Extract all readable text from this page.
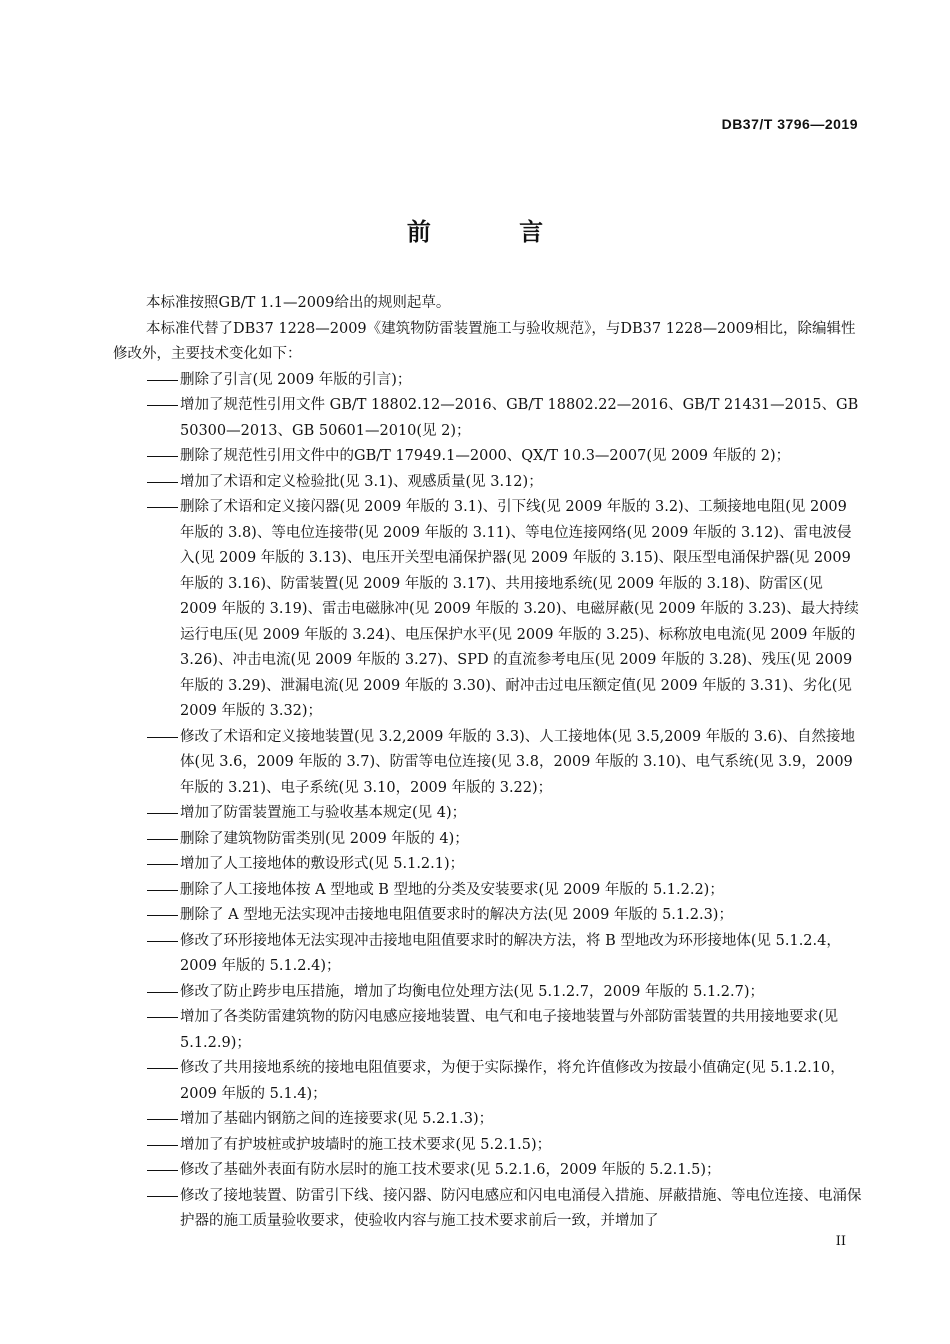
DB37/T 3796—2019
前 言

本标准按照GB/T 1.1—2009给出的规则起草。

本标准代替了DB37 1228—2009《建筑物防雷装置施工与验收规范》，与DB37 1228—2009相比，除编辑性修改外，主要技术变化如下：

删除了引言(见 2009 年版的引言)；
增加了规范性引用文件 GB/T 18802.12—2016、GB/T 18802.22—2016、GB/T 21431—2015、GB 50300—2013、GB 50601—2010(见 2)；
删除了规范性引用文件中的GB/T 17949.1—2000、QX/T 10.3—2007(见 2009 年版的 2)；
增加了术语和定义检验批(见 3.1)、观感质量(见 3.12)；
删除了术语和定义接闪器(见 2009 年版的 3.1)、引下线(见 2009 年版的 3.2)、工频接地电阻(见 2009 年版的 3.8)、等电位连接带(见 2009 年版的 3.11)、等电位连接网络(见 2009 年版的 3.12)、雷电波侵入(见 2009 年版的 3.13)、电压开关型电涌保护器(见 2009 年版的 3.15)、限压型电涌保护器(见 2009 年版的 3.16)、防雷装置(见 2009 年版的 3.17)、共用接地系统(见 2009 年版的 3.18)、防雷区(见 2009 年版的 3.19)、雷击电磁脉冲(见 2009 年版的 3.20)、电磁屏蔽(见 2009 年版的 3.23)、最大持续运行电压(见 2009 年版的 3.24)、电压保护水平(见 2009 年版的 3.25)、标称放电电流(见 2009 年版的 3.26)、冲击电流(见 2009 年版的 3.27)、SPD 的直流参考电压(见 2009 年版的 3.28)、残压(见 2009 年版的 3.29)、泄漏电流(见 2009 年版的 3.30)、耐冲击过电压额定值(见 2009 年版的 3.31)、劣化(见 2009 年版的 3.32)；
修改了术语和定义接地装置(见 3.2,2009 年版的 3.3)、人工接地体(见 3.5,2009 年版的 3.6)、自然接地体(见 3.6，2009 年版的 3.7)、防雷等电位连接(见 3.8，2009 年版的 3.10)、电气系统(见 3.9，2009 年版的 3.21)、电子系统(见 3.10，2009 年版的 3.22)；
增加了防雷装置施工与验收基本规定(见 4)；
删除了建筑物防雷类别(见 2009 年版的 4)；
增加了人工接地体的敷设形式(见 5.1.2.1)；
删除了人工接地体按 A 型地或 B 型地的分类及安装要求(见 2009 年版的 5.1.2.2)；
删除了 A 型地无法实现冲击接地电阻值要求时的解决方法(见 2009 年版的 5.1.2.3)；
修改了环形接地体无法实现冲击接地电阻值要求时的解决方法，将 B 型地改为环形接地体(见 5.1.2.4，2009 年版的 5.1.2.4)；
修改了防止跨步电压措施，增加了均衡电位处理方法(见 5.1.2.7，2009 年版的 5.1.2.7)；
增加了各类防雷建筑物的防闪电感应接地装置、电气和电子接地装置与外部防雷装置的共用接地要求(见 5.1.2.9)；
修改了共用接地系统的接地电阻值要求，为便于实际操作，将允许值修改为按最小值确定(见 5.1.2.10，2009 年版的 5.1.4)；
增加了基础内钢筋之间的连接要求(见 5.2.1.3)；
增加了有护坡桩或护坡墙时的施工技术要求(见 5.2.1.5)；
修改了基础外表面有防水层时的施工技术要求(见 5.2.1.6，2009 年版的 5.2.1.5)；
修改了接地装置、防雷引下线、接闪器、防闪电感应和闪电电涌侵入措施、屏蔽措施、等电位连接、电涌保护器的施工质量验收要求，使验收内容与施工技术要求前后一致，并增加了
II
